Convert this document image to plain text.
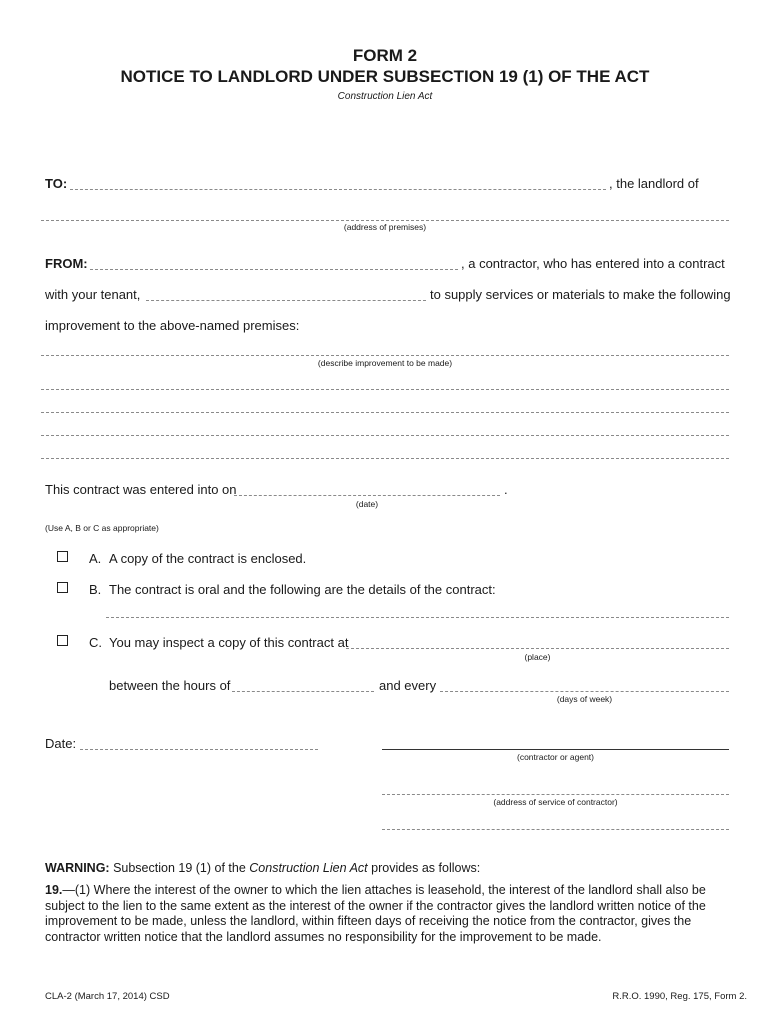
FORM 2
NOTICE TO LANDLORD UNDER SUBSECTION 19 (1) OF THE ACT
Construction Lien Act
TO:	, the landlord of
(address of premises)
FROM:	, a contractor, who has entered into a contract
with your tenant,	to supply services or materials to make the following
improvement to the above-named premises:
(describe improvement to be made)
This contract was entered into on	.
(date)
(Use A, B or C as appropriate)
A. A copy of the contract is enclosed.
B. The contract is oral and the following are the details of the contract:
C. You may inspect a copy of this contract at
(place)
between the hours of	and every
(days of week)
Date:
(contractor or agent)
(address of service of contractor)
WARNING: Subsection 19 (1) of the Construction Lien Act provides as follows:
19.—(1) Where the interest of the owner to which the lien attaches is leasehold, the interest of the landlord shall also be subject to the lien to the same extent as the interest of the owner if the contractor gives the landlord written notice of the improvement to be made, unless the landlord, within fifteen days of receiving the notice from the contractor, gives the contractor written notice that the landlord assumes no responsibility for the improvement to be made.
CLA-2 (March 17, 2014) CSD	R.R.O. 1990, Reg. 175, Form 2.
